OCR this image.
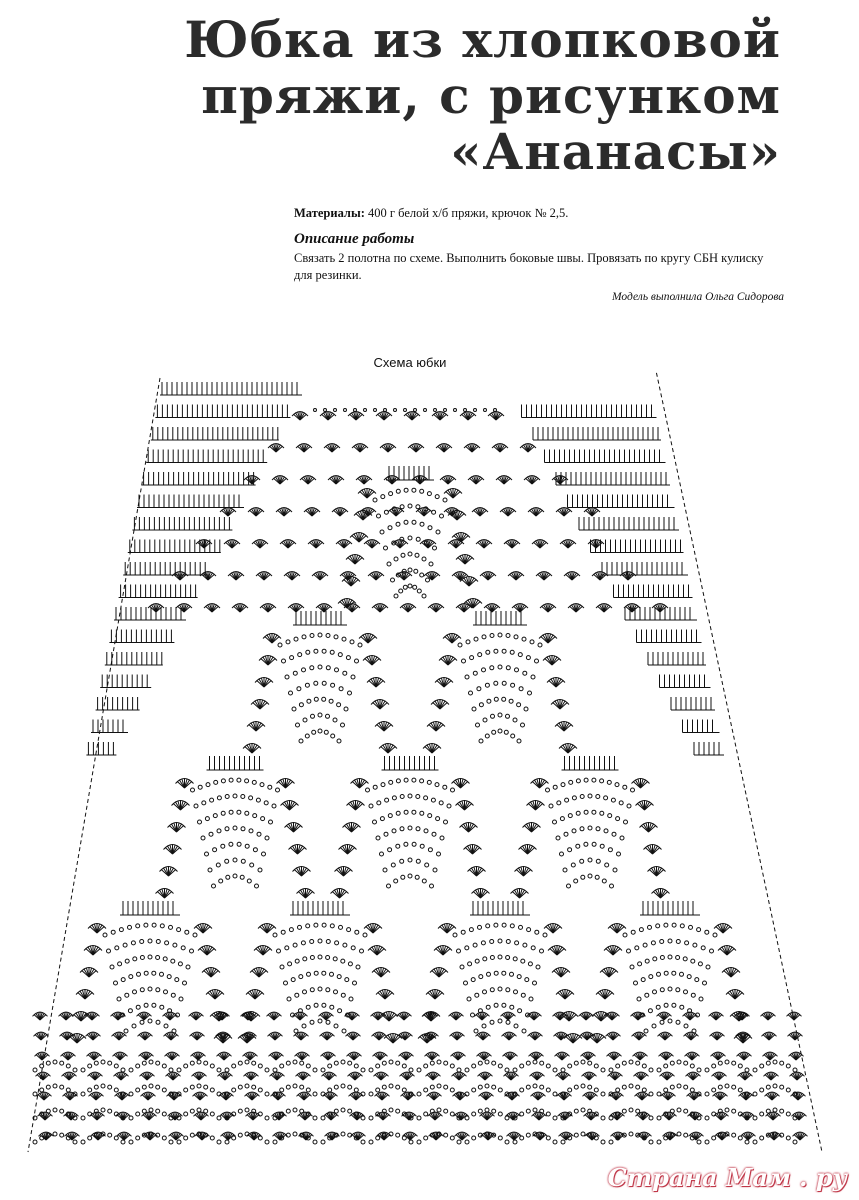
Юбка из хлопковой
пряжи, с рисунком
«Ананасы»
Материалы: 400 г белой х/б пряжи, крючок № 2,5.
Описание работы
Связать 2 полотна по схеме. Выполнить боковые швы. Провязать по кругу СБН кулиску для резинки.
Модель выполнила Ольга Сидорова
Схема юбки
Страна Мам . ру
